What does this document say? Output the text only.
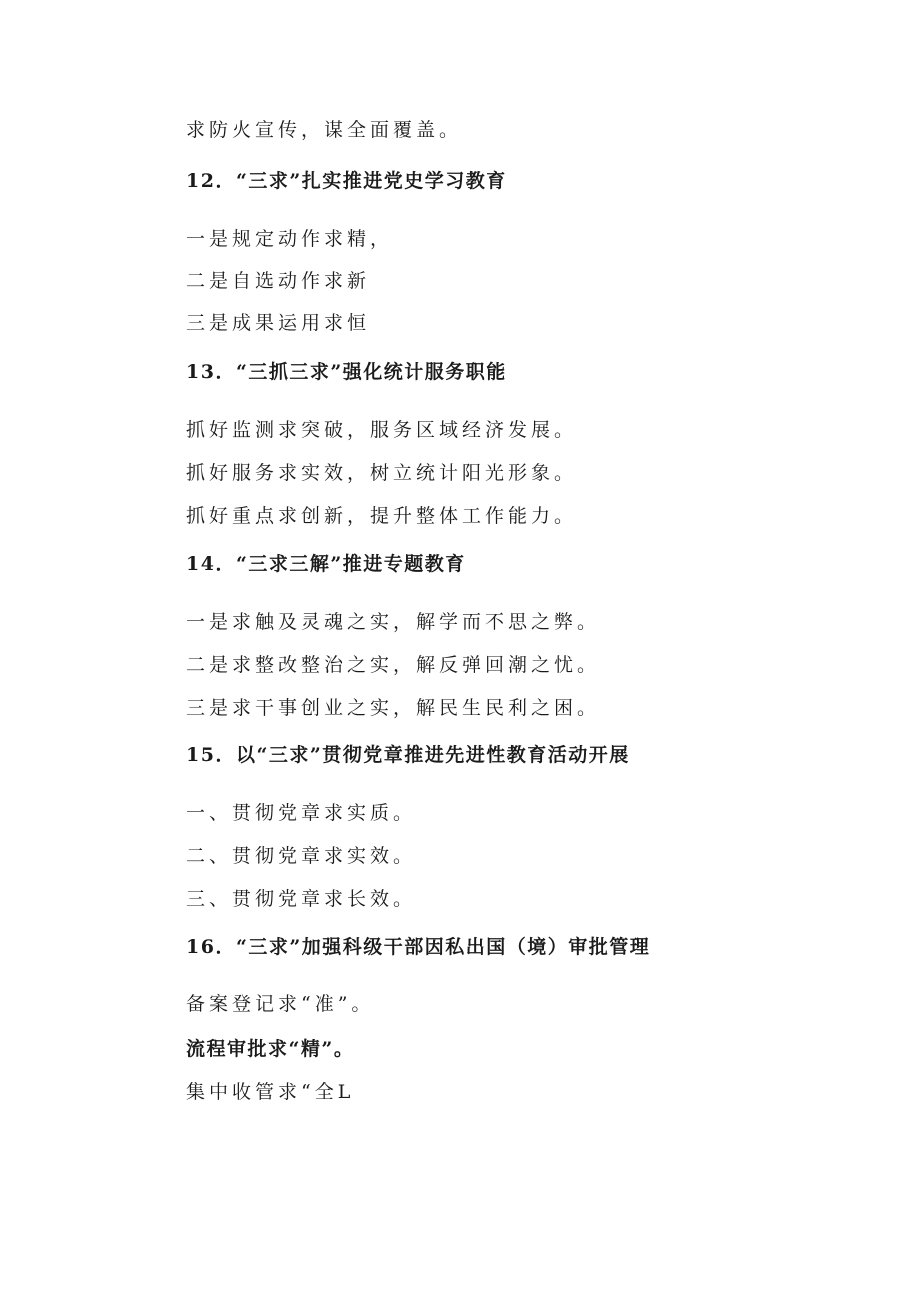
求防火宣传，谋全面覆盖。
12．“三求”扎实推进党史学习教育
一是规定动作求精，
二是自选动作求新
三是成果运用求恒
13．“三抓三求”强化统计服务职能
抓好监测求突破，服务区域经济发展。
抓好服务求实效，树立统计阳光形象。
抓好重点求创新，提升整体工作能力。
14．“三求三解”推进专题教育
一是求触及灵魂之实，解学而不思之弊。
二是求整改整治之实，解反弹回潮之忧。
三是求干事创业之实，解民生民利之困。
15．以“三求”贯彻党章推进先进性教育活动开展
一、贯彻党章求实质。
二、贯彻党章求实效。
三、贯彻党章求长效。
16．“三求”加强科级干部因私出国（境）审批管理
备案登记求“准”。
流程审批求“精”。
集中收管求“全L
